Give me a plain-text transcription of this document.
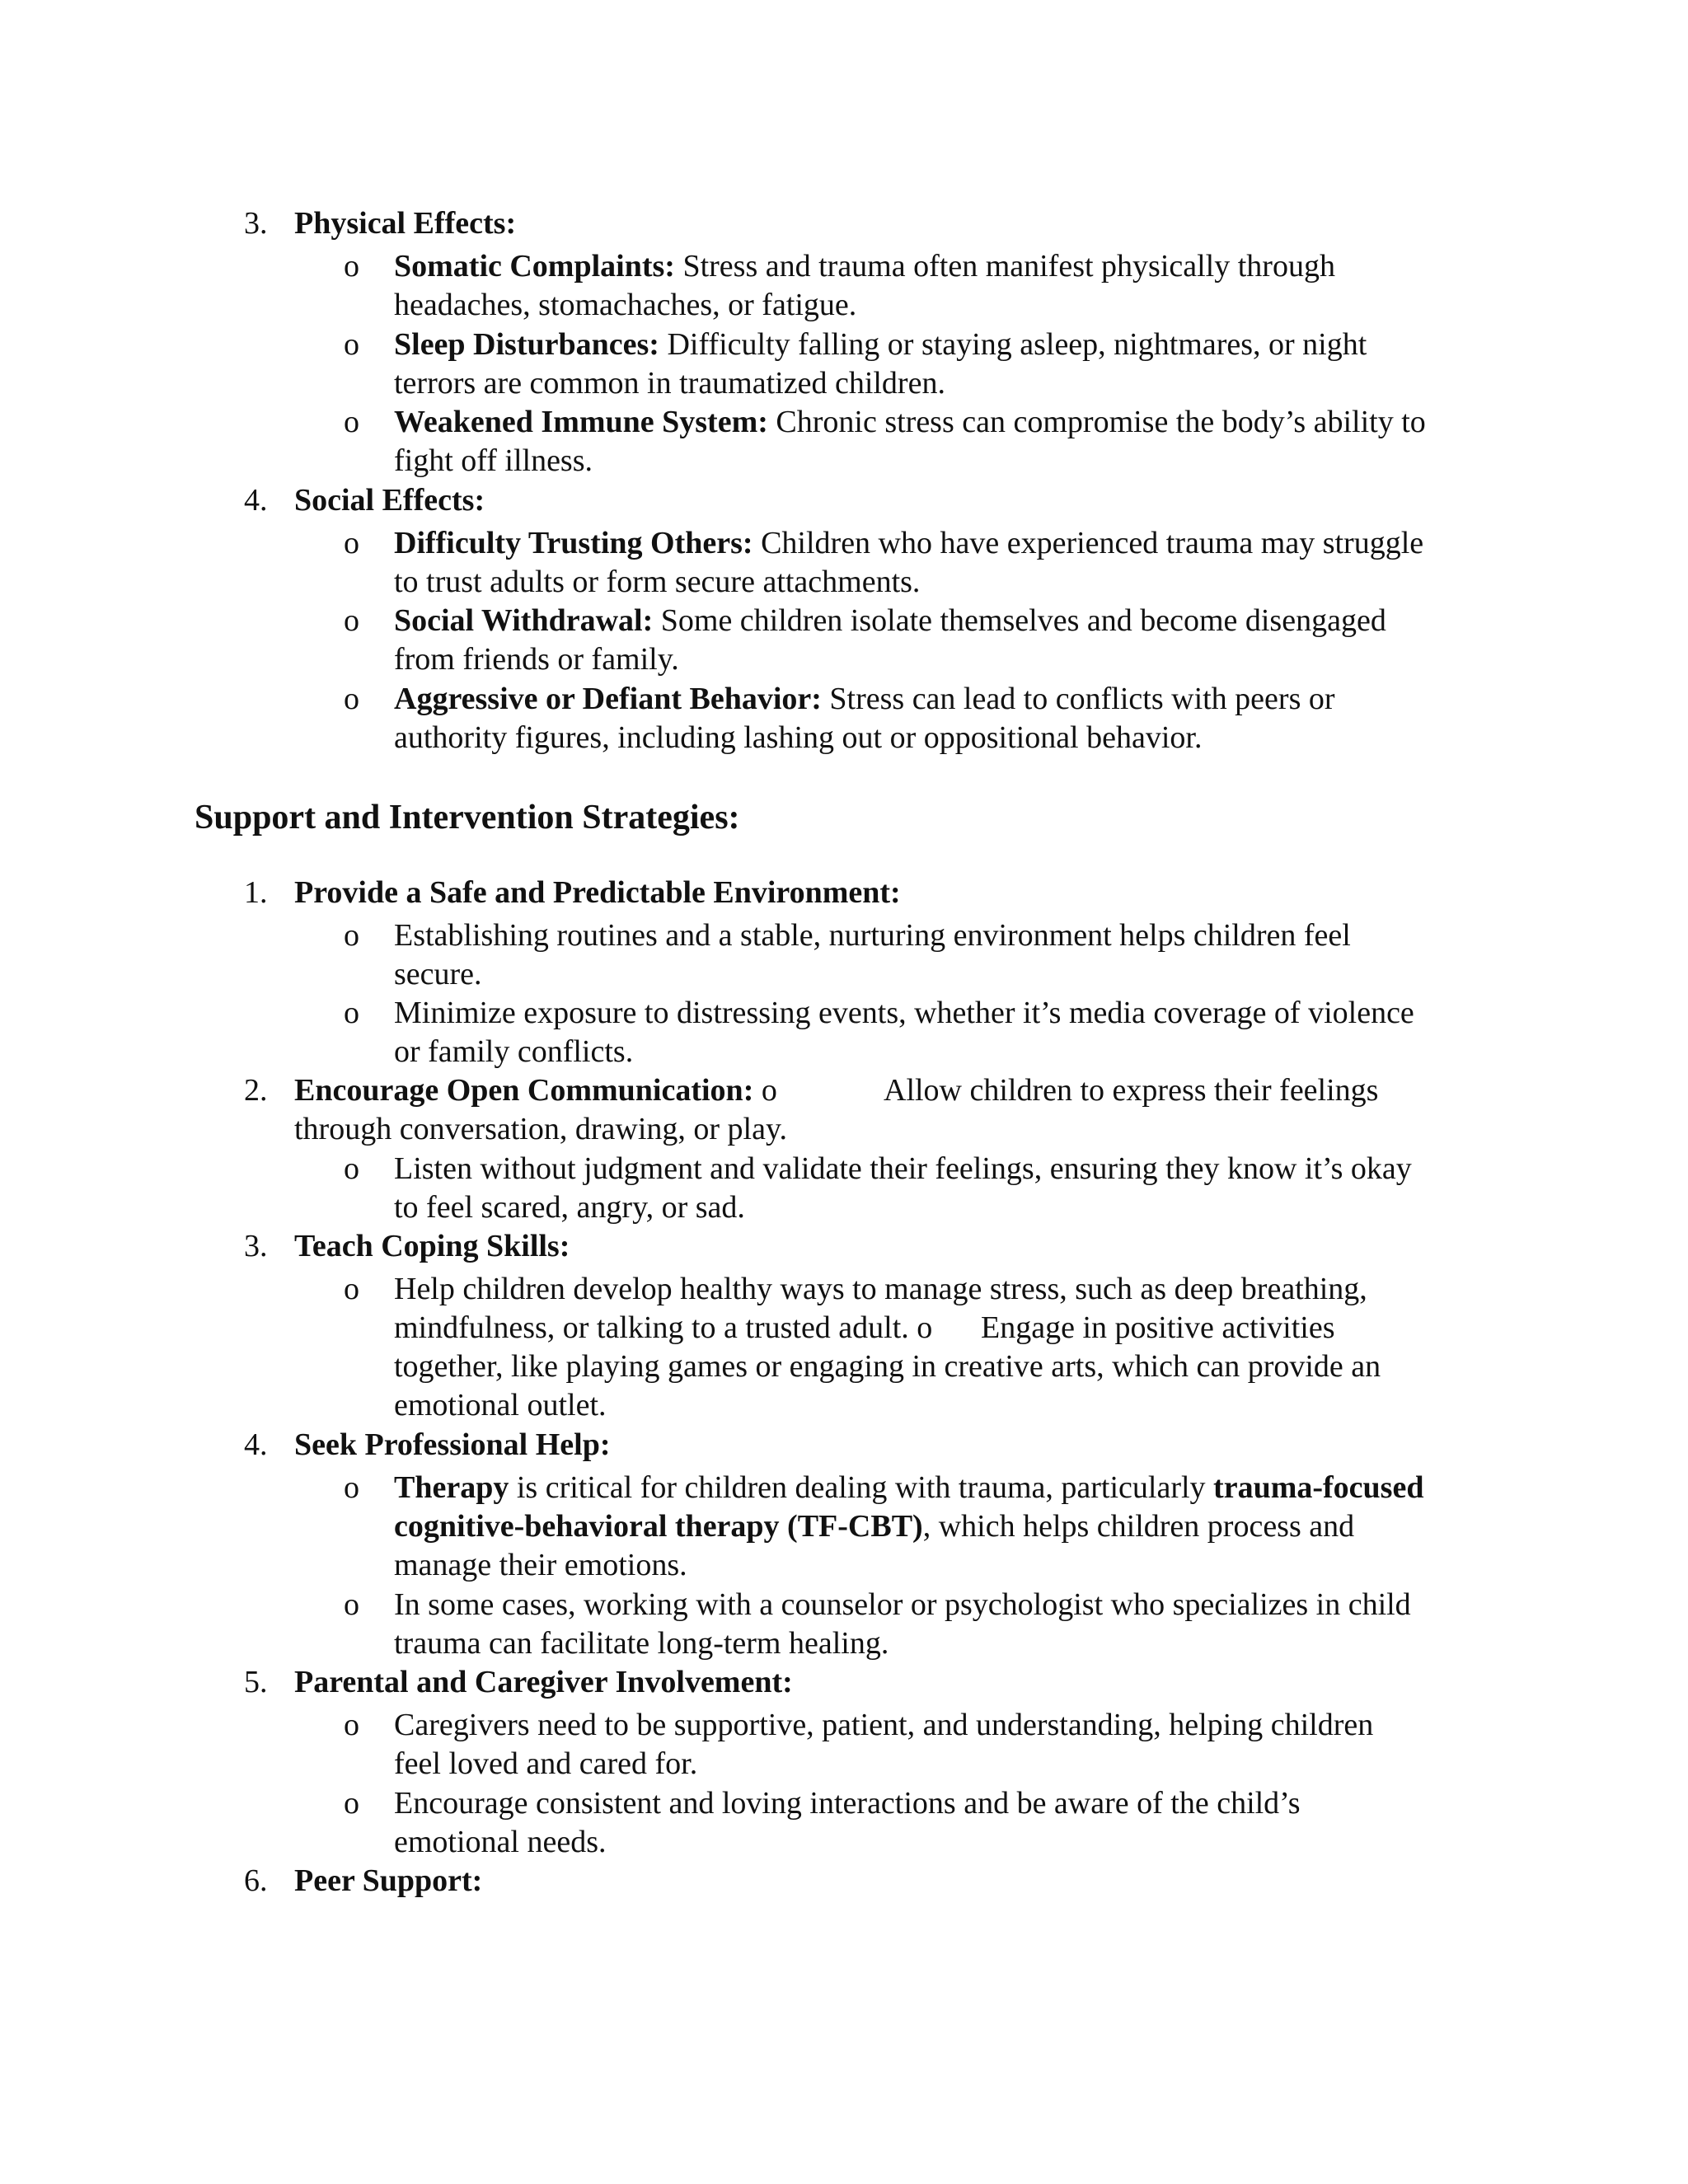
3. Physical Effects:
o Somatic Complaints: Stress and trauma often manifest physically through
headaches, stomachaches, or fatigue.
o Sleep Disturbances: Difficulty falling or staying asleep, nightmares, or night
terrors are common in traumatized children.
o Weakened Immune System: Chronic stress can compromise the body’s ability to
fight off illness.
4. Social Effects:
o Difficulty Trusting Others: Children who have experienced trauma may struggle
to trust adults or form secure attachments.
o Social Withdrawal: Some children isolate themselves and become disengaged
from friends or family.
o Aggressive or Defiant Behavior: Stress can lead to conflicts with peers or
authority figures, including lashing out or oppositional behavior.
Support and Intervention Strategies:
1. Provide a Safe and Predictable Environment:
o Establishing routines and a stable, nurturing environment helps children feel
secure.
o Minimize exposure to distressing events, whether it’s media coverage of violence
or family conflicts.
2. Encourage Open Communication: o	Allow children to express their feelings
through conversation, drawing, or play.
o Listen without judgment and validate their feelings, ensuring they know it’s okay
to feel scared, angry, or sad.
3. Teach Coping Skills:
o Help children develop healthy ways to manage stress, such as deep breathing,
mindfulness, or talking to a trusted adult. o Engage in positive activities
together, like playing games or engaging in creative arts, which can provide an
emotional outlet.
4. Seek Professional Help:
o Therapy is critical for children dealing with trauma, particularly trauma-focused
cognitive-behavioral therapy (TF-CBT), which helps children process and
manage their emotions.
o In some cases, working with a counselor or psychologist who specializes in child
trauma can facilitate long-term healing.
5. Parental and Caregiver Involvement:
o Caregivers need to be supportive, patient, and understanding, helping children
feel loved and cared for.
o Encourage consistent and loving interactions and be aware of the child’s
emotional needs.
6. Peer Support:
